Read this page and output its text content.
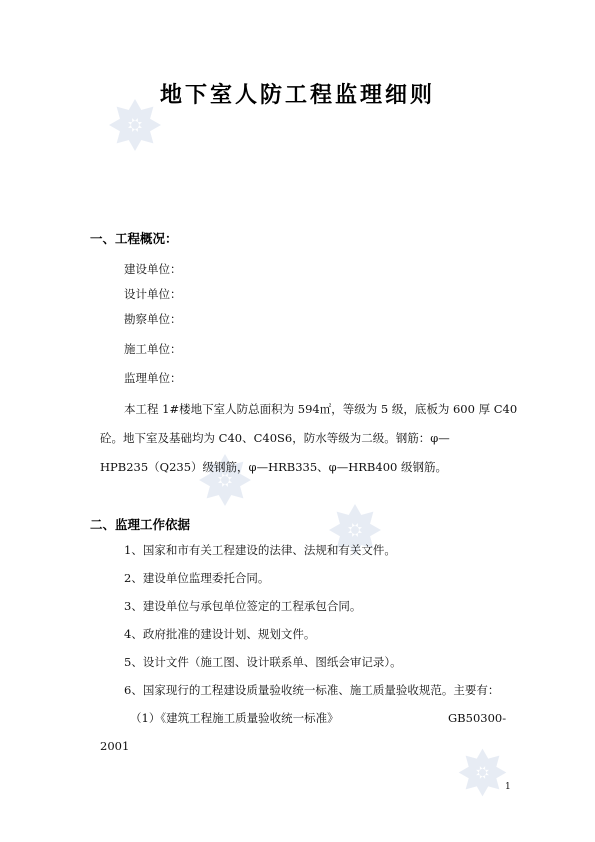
地下室人防工程监理细则
一、工程概况：
建设单位：
设计单位：
勘察单位：
施工单位：
监理单位：
本工程 1#楼地下室人防总面积为 594㎡，等级为 5 级，底板为 600 厚 C40
砼。地下室及基础均为 C40、C40S6，防水等级为二级。钢筋：φ—
HPB235（Q235）级钢筋，φ—HRB335、φ—HRB400 级钢筋。
二、监理工作依据
1、国家和市有关工程建设的法律、法规和有关文件。
2、建设单位监理委托合同。
3、建设单位与承包单位签定的工程承包合同。
4、政府批准的建设计划、规划文件。
5、设计文件（施工图、设计联系单、图纸会审记录）。
6、国家现行的工程建设质量验收统一标准、施工质量验收规范。主要有：
（1）《建筑工程施工质量验收统一标准》	GB50300-
2001
1
